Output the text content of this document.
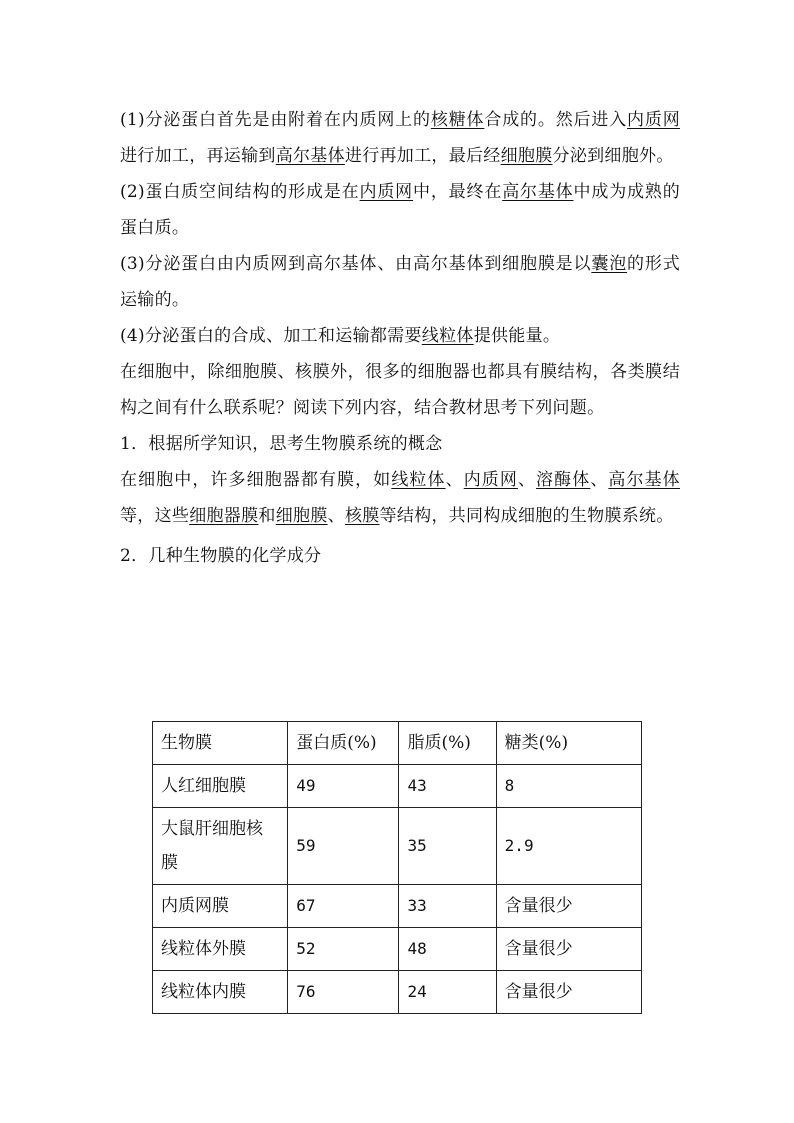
(1)分泌蛋白首先是由附着在内质网上的核糖体合成的。然后进入内质网进行加工，再运输到高尔基体进行再加工，最后经细胞膜分泌到细胞外。

(2)蛋白质空间结构的形成是在内质网中，最终在高尔基体中成为成熟的蛋白质。

(3)分泌蛋白由内质网到高尔基体、由高尔基体到细胞膜是以囊泡的形式运输的。

(4)分泌蛋白的合成、加工和运输都需要线粒体提供能量。

在细胞中，除细胞膜、核膜外，很多的细胞器也都具有膜结构，各类膜结构之间有什么联系呢？阅读下列内容，结合教材思考下列问题。

1．根据所学知识，思考生物膜系统的概念

在细胞中，许多细胞器都有膜，如线粒体、内质网、溶酶体、高尔基体等，这些细胞器膜和细胞膜、核膜等结构，共同构成细胞的生物膜系统。

2．几种生物膜的化学成分

生物膜	蛋白质(%)	脂质(%)	糖类(%)
人红细胞膜	49	43	8
大鼠肝细胞核膜	59	35	2.9
内质网膜	67	33	含量很少
线粒体外膜	52	48	含量很少
线粒体内膜	76	24	含量很少
